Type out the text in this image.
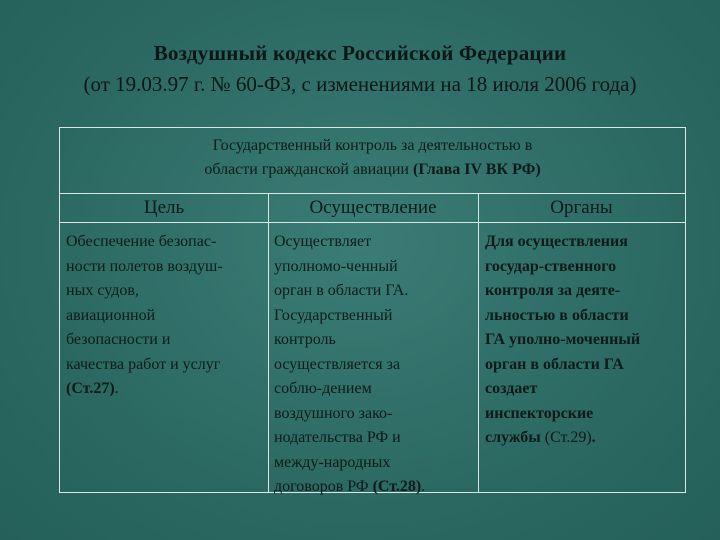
Воздушный кодекс Российской Федерации
(от 19.03.97 г. № 60-ФЗ, с изменениями на 18 июля 2006 года)
Государственный контроль за деятельностью в
области гражданской авиации (Глава IV ВК РФ)
Цель	Осуществление	Органы
Обеспечение безопас-
ности полетов воздуш-
ных судов,
авиационной
безопасности и
качества работ и услуг
(Ст.27).
Осуществляет
уполномо-ченный
орган в области ГА.
Государственный
контроль
осуществляется за
соблю-дением
воздушного зако-
нодательства РФ и
между-народных
договоров РФ (Ст.28).
Для осуществления
государ-ственного
контроля за деяте-
льностью в области
ГА уполно-моченный
орган в области ГА
создает
инспекторские
службы (Ст.29).
